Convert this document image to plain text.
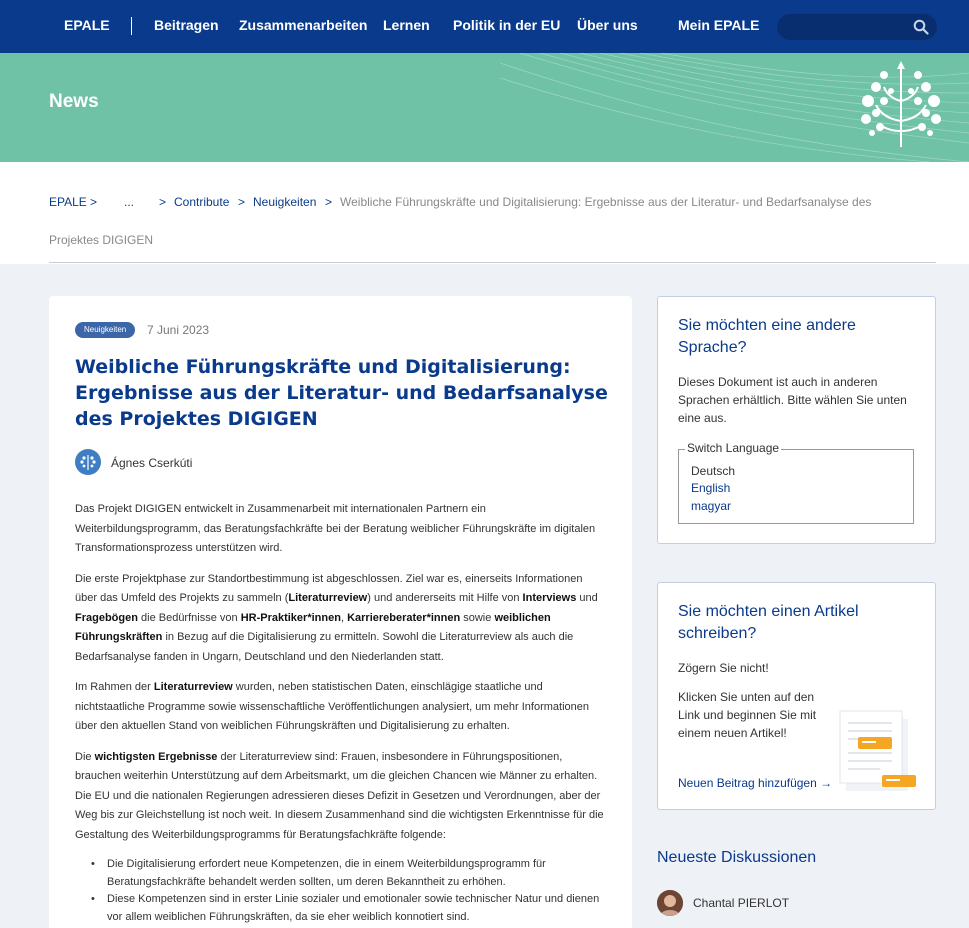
EPALE	Beitragen Zusammenarbeiten Lernen Politik in der EU Über uns	Mein EPALE
News
EPALE > ... > Contribute > Neuigkeiten > Weibliche Führungskräfte und Digitalisierung: Ergebnisse aus der Literatur- und Bedarfsanalyse des
Projektes DIGIGEN
Neuigkeiten	7 Juni 2023
Weibliche Führungskräfte und Digitalisierung: Ergebnisse aus der Literatur- und Bedarfsanalyse des Projektes DIGIGEN
Ágnes Cserkúti

Das Projekt DIGIGEN entwickelt in Zusammenarbeit mit internationalen Partnern ein Weiterbildungsprogramm, das Beratungsfachkräfte bei der Beratung weiblicher Führungskräfte im digitalen Transformationsprozess unterstützen wird.

Die erste Projektphase zur Standortbestimmung ist abgeschlossen. Ziel war es, einerseits Informationen über das Umfeld des Projekts zu sammeln (Literaturreview) und andererseits mit Hilfe von Interviews und Fragebögen die Bedürfnisse von HR-Praktiker*innen, Karriereberater*innen sowie weiblichen Führungskräften in Bezug auf die Digitalisierung zu ermitteln. Sowohl die Literaturreview als auch die Bedarfsanalyse fanden in Ungarn, Deutschland und den Niederlanden statt.

Im Rahmen der Literaturreview wurden, neben statistischen Daten, einschlägige staatliche und nichtstaatliche Programme sowie wissenschaftliche Veröffentlichungen analysiert, um mehr Informationen über den aktuellen Stand von weiblichen Führungskräften und Digitalisierung zu erhalten.

Die wichtigsten Ergebnisse der Literaturreview sind: Frauen, insbesondere in Führungspositionen, brauchen weiterhin Unterstützung auf dem Arbeitsmarkt, um die gleichen Chancen wie Männer zu erhalten. Die EU und die nationalen Regierungen adressieren dieses Defizit in Gesetzen und Verordnungen, aber der Weg bis zur Gleichstellung ist noch weit. In diesem Zusammenhand sind die wichtigsten Erkenntnisse für die Gestaltung des Weiterbildungsprogramms für Beratungsfachkräfte folgende:

• Die Digitalisierung erfordert neue Kompetenzen, die in einem Weiterbildungsprogramm für Beratungsfachkräfte behandelt werden sollten, um deren Bekanntheit zu erhöhen.
• Diese Kompetenzen sind in erster Linie sozialer und emotionaler sowie technischer Natur und dienen vor allem weiblichen Führungskräften, da sie eher weiblich konnotiert sind.
Sie möchten eine andere Sprache?
Dieses Dokument ist auch in anderen Sprachen erhältlich. Bitte wählen Sie unten eine aus.
Switch Language
Deutsch
English
magyar
Sie möchten einen Artikel schreiben?
Zögern Sie nicht!
Klicken Sie unten auf den Link und beginnen Sie mit einem neuen Artikel!
Neuen Beitrag hinzufügen →
Neueste Diskussionen
Chantal PIERLOT
